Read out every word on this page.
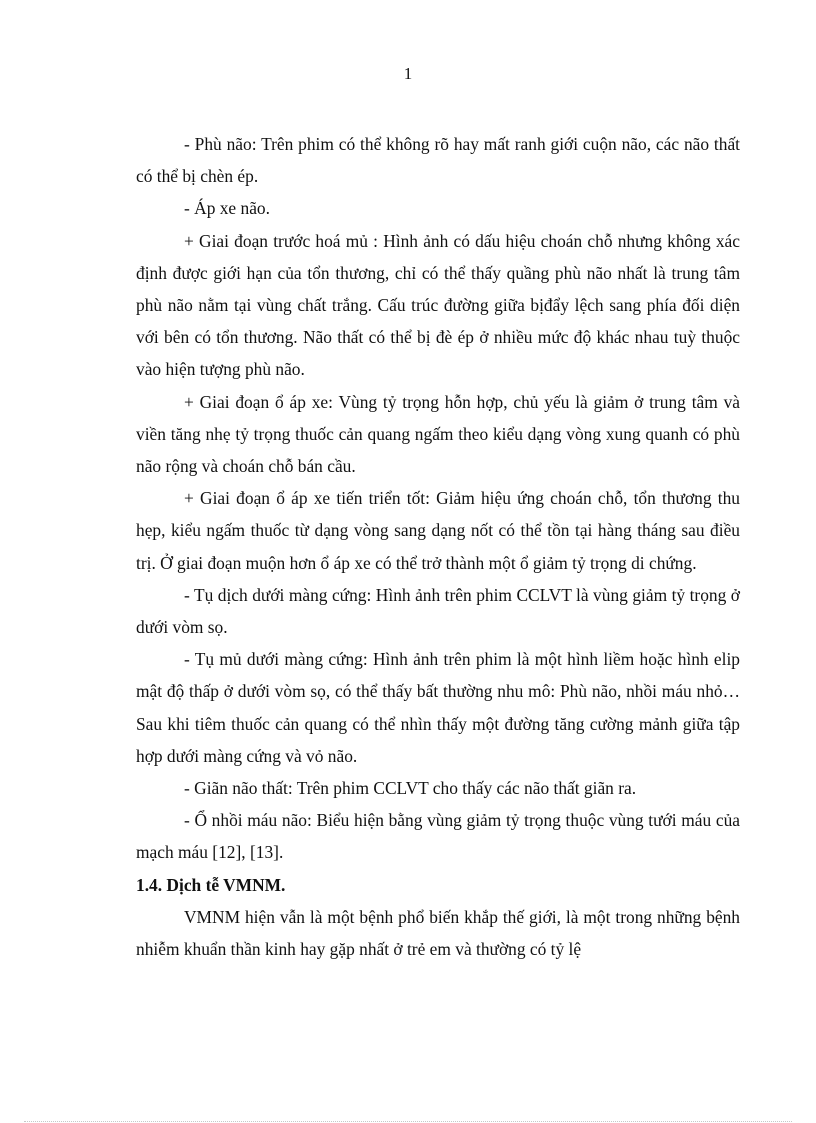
1

- Phù não: Trên phim có thể không rõ hay mất ranh giới cuộn não, các não thất có thể bị chèn ép.

- Áp xe não.

+ Giai đoạn trước hoá mủ : Hình ảnh có dấu hiệu choán chỗ nhưng không xác định được giới hạn của tổn thương, chỉ có thể thấy quầng phù não nhất là trung tâm phù não nằm tại vùng chất trắng. Cấu trúc đường giữa bịđẩy lệch sang phía đối diện với bên có tổn thương. Não thất có thể bị đè ép ở nhiều mức độ khác nhau tuỳ thuộc vào hiện tượng phù não.

+ Giai đoạn ổ áp xe: Vùng tỷ trọng hỗn hợp, chủ yếu là giảm ở trung tâm và viền tăng nhẹ tỷ trọng thuốc cản quang ngấm theo kiểu dạng vòng xung quanh có phù não rộng và choán chỗ bán cầu.

+ Giai đoạn ổ áp xe tiến triển tốt: Giảm hiệu ứng choán chỗ, tổn thương thu hẹp, kiểu ngấm thuốc từ dạng vòng sang dạng nốt có thể tồn tại hàng tháng sau điều trị. Ở giai đoạn muộn hơn ổ áp xe có thể trở thành một ổ giảm tỷ trọng di chứng.

- Tụ dịch dưới màng cứng: Hình ảnh trên phim CCLVT là vùng giảm tỷ trọng ở dưới vòm sọ.

- Tụ mủ dưới màng cứng: Hình ảnh trên phim là một hình liềm hoặc hình elip mật độ thấp ở dưới vòm sọ, có thể thấy bất thường nhu mô: Phù não, nhồi máu nhỏ…Sau khi tiêm thuốc cản quang có thể nhìn thấy một đường tăng cường mảnh giữa tập hợp dưới màng cứng và vỏ não.

- Giãn não thất: Trên phim CCLVT cho thấy các não thất giãn ra.

- Ổ nhồi máu não: Biểu hiện bằng vùng giảm tỷ trọng thuộc vùng tưới máu của mạch máu [12], [13].

1.4. Dịch tễ VMNM.

VMNM hiện vẫn là một bệnh phổ biến khắp thế giới, là một trong những bệnh nhiễm khuẩn thần kinh hay gặp nhất ở trẻ em và thường có tỷ lệ
